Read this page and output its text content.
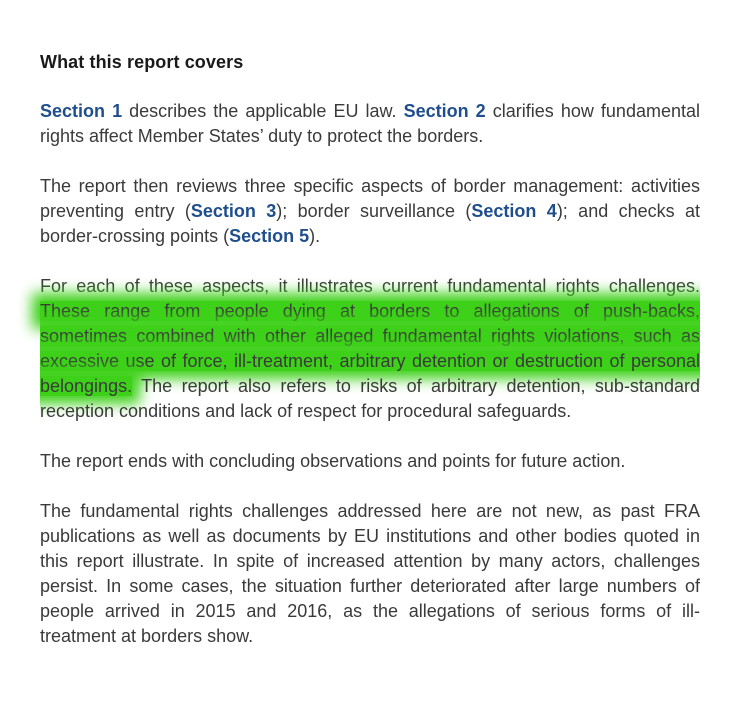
What this report covers

Section 1 describes the applicable EU law. Section 2 clarifies how fundamental rights affect Member States’ duty to protect the borders.

The report then reviews three specific aspects of border management: activities preventing entry (Section 3); border surveillance (Section 4); and checks at border-crossing points (Section 5).

For each of these aspects, it illustrates current fundamental rights challenges. These range from people dying at borders to allegations of push-backs, sometimes combined with other alleged fundamental rights violations, such as excessive use of force, ill-treatment, arbitrary detention or destruction of personal belongings. The report also refers to risks of arbitrary detention, sub-standard reception conditions and lack of respect for procedural safeguards.

The report ends with concluding observations and points for future action.

The fundamental rights challenges addressed here are not new, as past FRA publications as well as documents by EU institutions and other bodies quoted in this report illustrate. In spite of increased attention by many actors, challenges persist. In some cases, the situation further deteriorated after large numbers of people arrived in 2015 and 2016, as the allegations of serious forms of ill-treatment at borders show.
